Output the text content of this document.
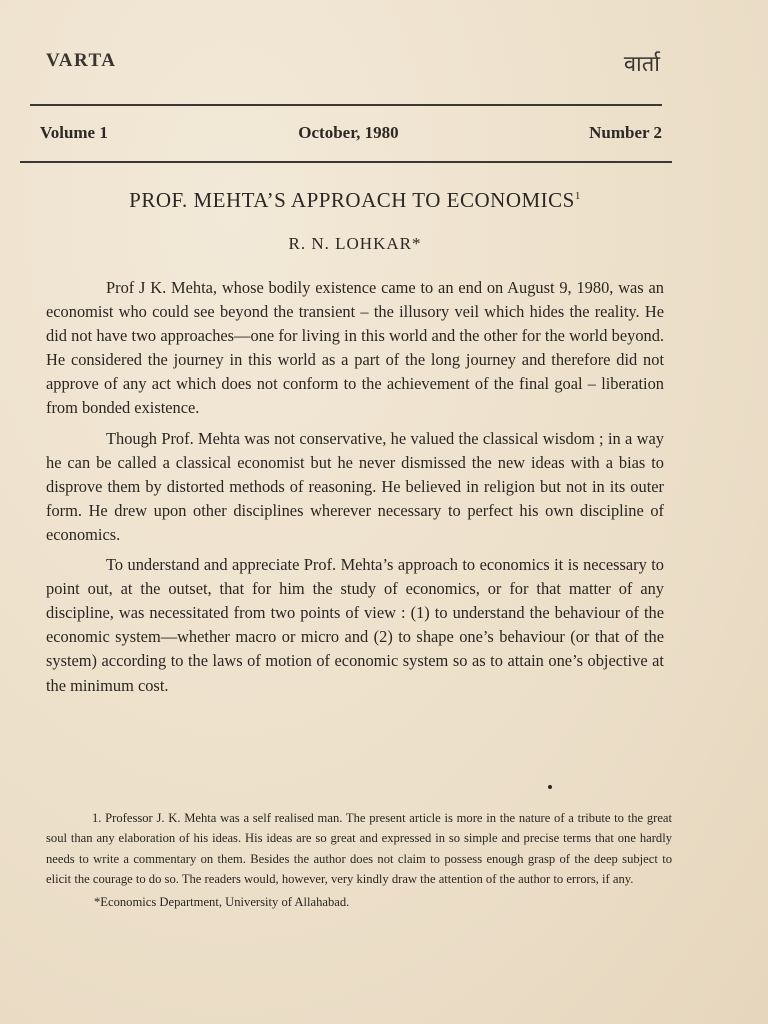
VARTA	वार्ता
Volume 1	October, 1980	Number 2
PROF. MEHTA’S APPROACH TO ECONOMICS$^1$
R. N. LOHKAR*

Prof J K. Mehta, whose bodily existence came to an end on August 9, 1980, was an economist who could see beyond the transient – the illusory veil which hides the reality. He did not have two approaches—one for living in this world and the other for the world beyond. He considered the journey in this world as a part of the long journey and therefore did not approve of any act which does not conform to the achievement of the final goal – liberation from bonded existence.

Though Prof. Mehta was not conservative, he valued the classical wisdom ; in a way he can be called a classical economist but he never dismissed the new ideas with a bias to disprove them by distorted methods of reasoning. He believed in religion but not in its outer form. He drew upon other disciplines wherever necessary to perfect his own discipline of economics.

To understand and appreciate Prof. Mehta’s approach to economics it is necessary to point out, at the outset, that for him the study of economics, or for that matter of any discipline, was necessitated from two points of view : (1) to understand the behaviour of the economic system—whether macro or micro and (2) to shape one’s behaviour (or that of the system) according to the laws of motion of economic system so as to attain one’s objective at the minimum cost.

1. Professor J. K. Mehta was a self realised man. The present article is more in the nature of a tribute to the great soul than any elaboration of his ideas. His ideas are so great and expressed in so simple and precise terms that one hardly needs to write a commentary on them. Besides the author does not claim to possess enough grasp of the deep subject to elicit the courage to do so. The readers would, however, very kindly draw the attention of the author to errors, if any.

*Economics Department, University of Allahabad.
